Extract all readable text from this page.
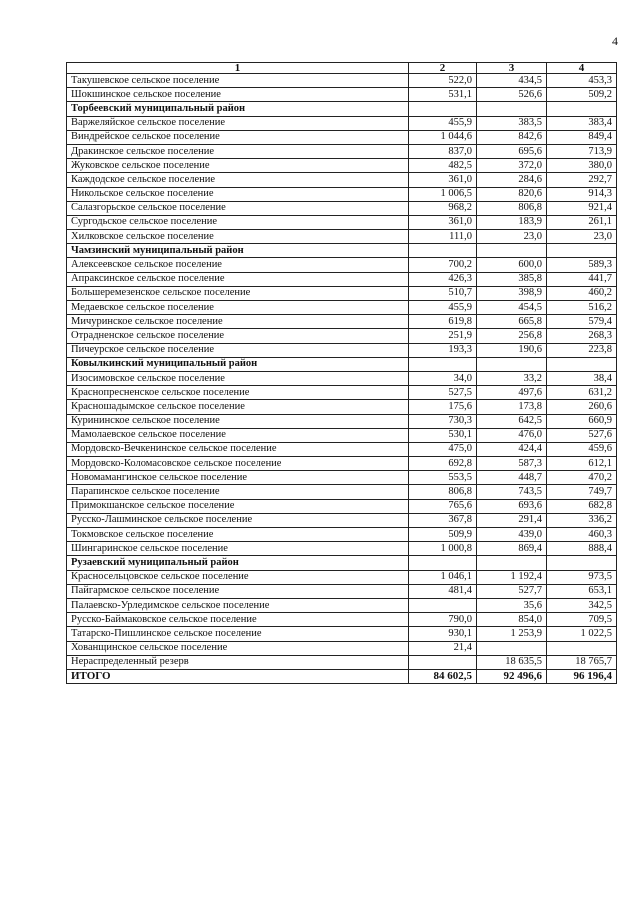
4
1	2	3	4
Такушевское сельское поселение	522,0	434,5	453,3
Шокшинское сельское поселение	531,1	526,6	509,2
Торбеевский муниципальный район			
Варжеляйское сельское поселение	455,9	383,5	383,4
Виндрейское сельское поселение	1 044,6	842,6	849,4
Дракинское сельское поселение	837,0	695,6	713,9
Жуковское сельское поселение	482,5	372,0	380,0
Каждодское сельское поселение	361,0	284,6	292,7
Никольское сельское поселение	1 006,5	820,6	914,3
Салазгорьское сельское поселение	968,2	806,8	921,4
Сургодьское сельское поселение	361,0	183,9	261,1
Хилковское сельское поселение	111,0	23,0	23,0
Чамзинский муниципальный район			
Алексеевское сельское поселение	700,2	600,0	589,3
Апраксинское сельское поселение	426,3	385,8	441,7
Большеремезенское сельское поселение	510,7	398,9	460,2
Медаевское сельское поселение	455,9	454,5	516,2
Мичуринское сельское поселение	619,8	665,8	579,4
Отрадненское сельское поселение	251,9	256,8	268,3
Пичеурское сельское поселение	193,3	190,6	223,8
Ковылкинский муниципальный район			
Изосимовское сельское поселение	34,0	33,2	38,4
Краснопресненское сельское поселение	527,5	497,6	631,2
Красношадымское сельское поселение	175,6	173,8	260,6
Курининское сельское поселение	730,3	642,5	660,9
Мамолаевское сельское поселение	530,1	476,0	527,6
Мордовско-Вечкенинское сельское поселение	475,0	424,4	459,6
Мордовско-Коломасовское сельское поселение	692,8	587,3	612,1
Новомамангинское сельское поселение	553,5	448,7	470,2
Парапинское сельское поселение	806,8	743,5	749,7
Примокшанское сельское поселение	765,6	693,6	682,8
Русско-Лашминское сельское поселение	367,8	291,4	336,2
Токмовское сельское поселение	509,9	439,0	460,3
Шингаринское сельское поселение	1 000,8	869,4	888,4
Рузаевский муниципальный район			
Красносельцовское сельское поселение	1 046,1	1 192,4	973,5
Пайгармское сельское поселение	481,4	527,7	653,1
Палаевско-Урледимское сельское поселение		35,6	342,5
Русско-Баймаковское сельское поселение	790,0	854,0	709,5
Татарско-Пишлинское сельское поселение	930,1	1 253,9	1 022,5
Хованщинское сельское поселение	21,4		
Нераспределенный резерв		18 635,5	18 765,7
ИТОГО	84 602,5	92 496,6	96 196,4
